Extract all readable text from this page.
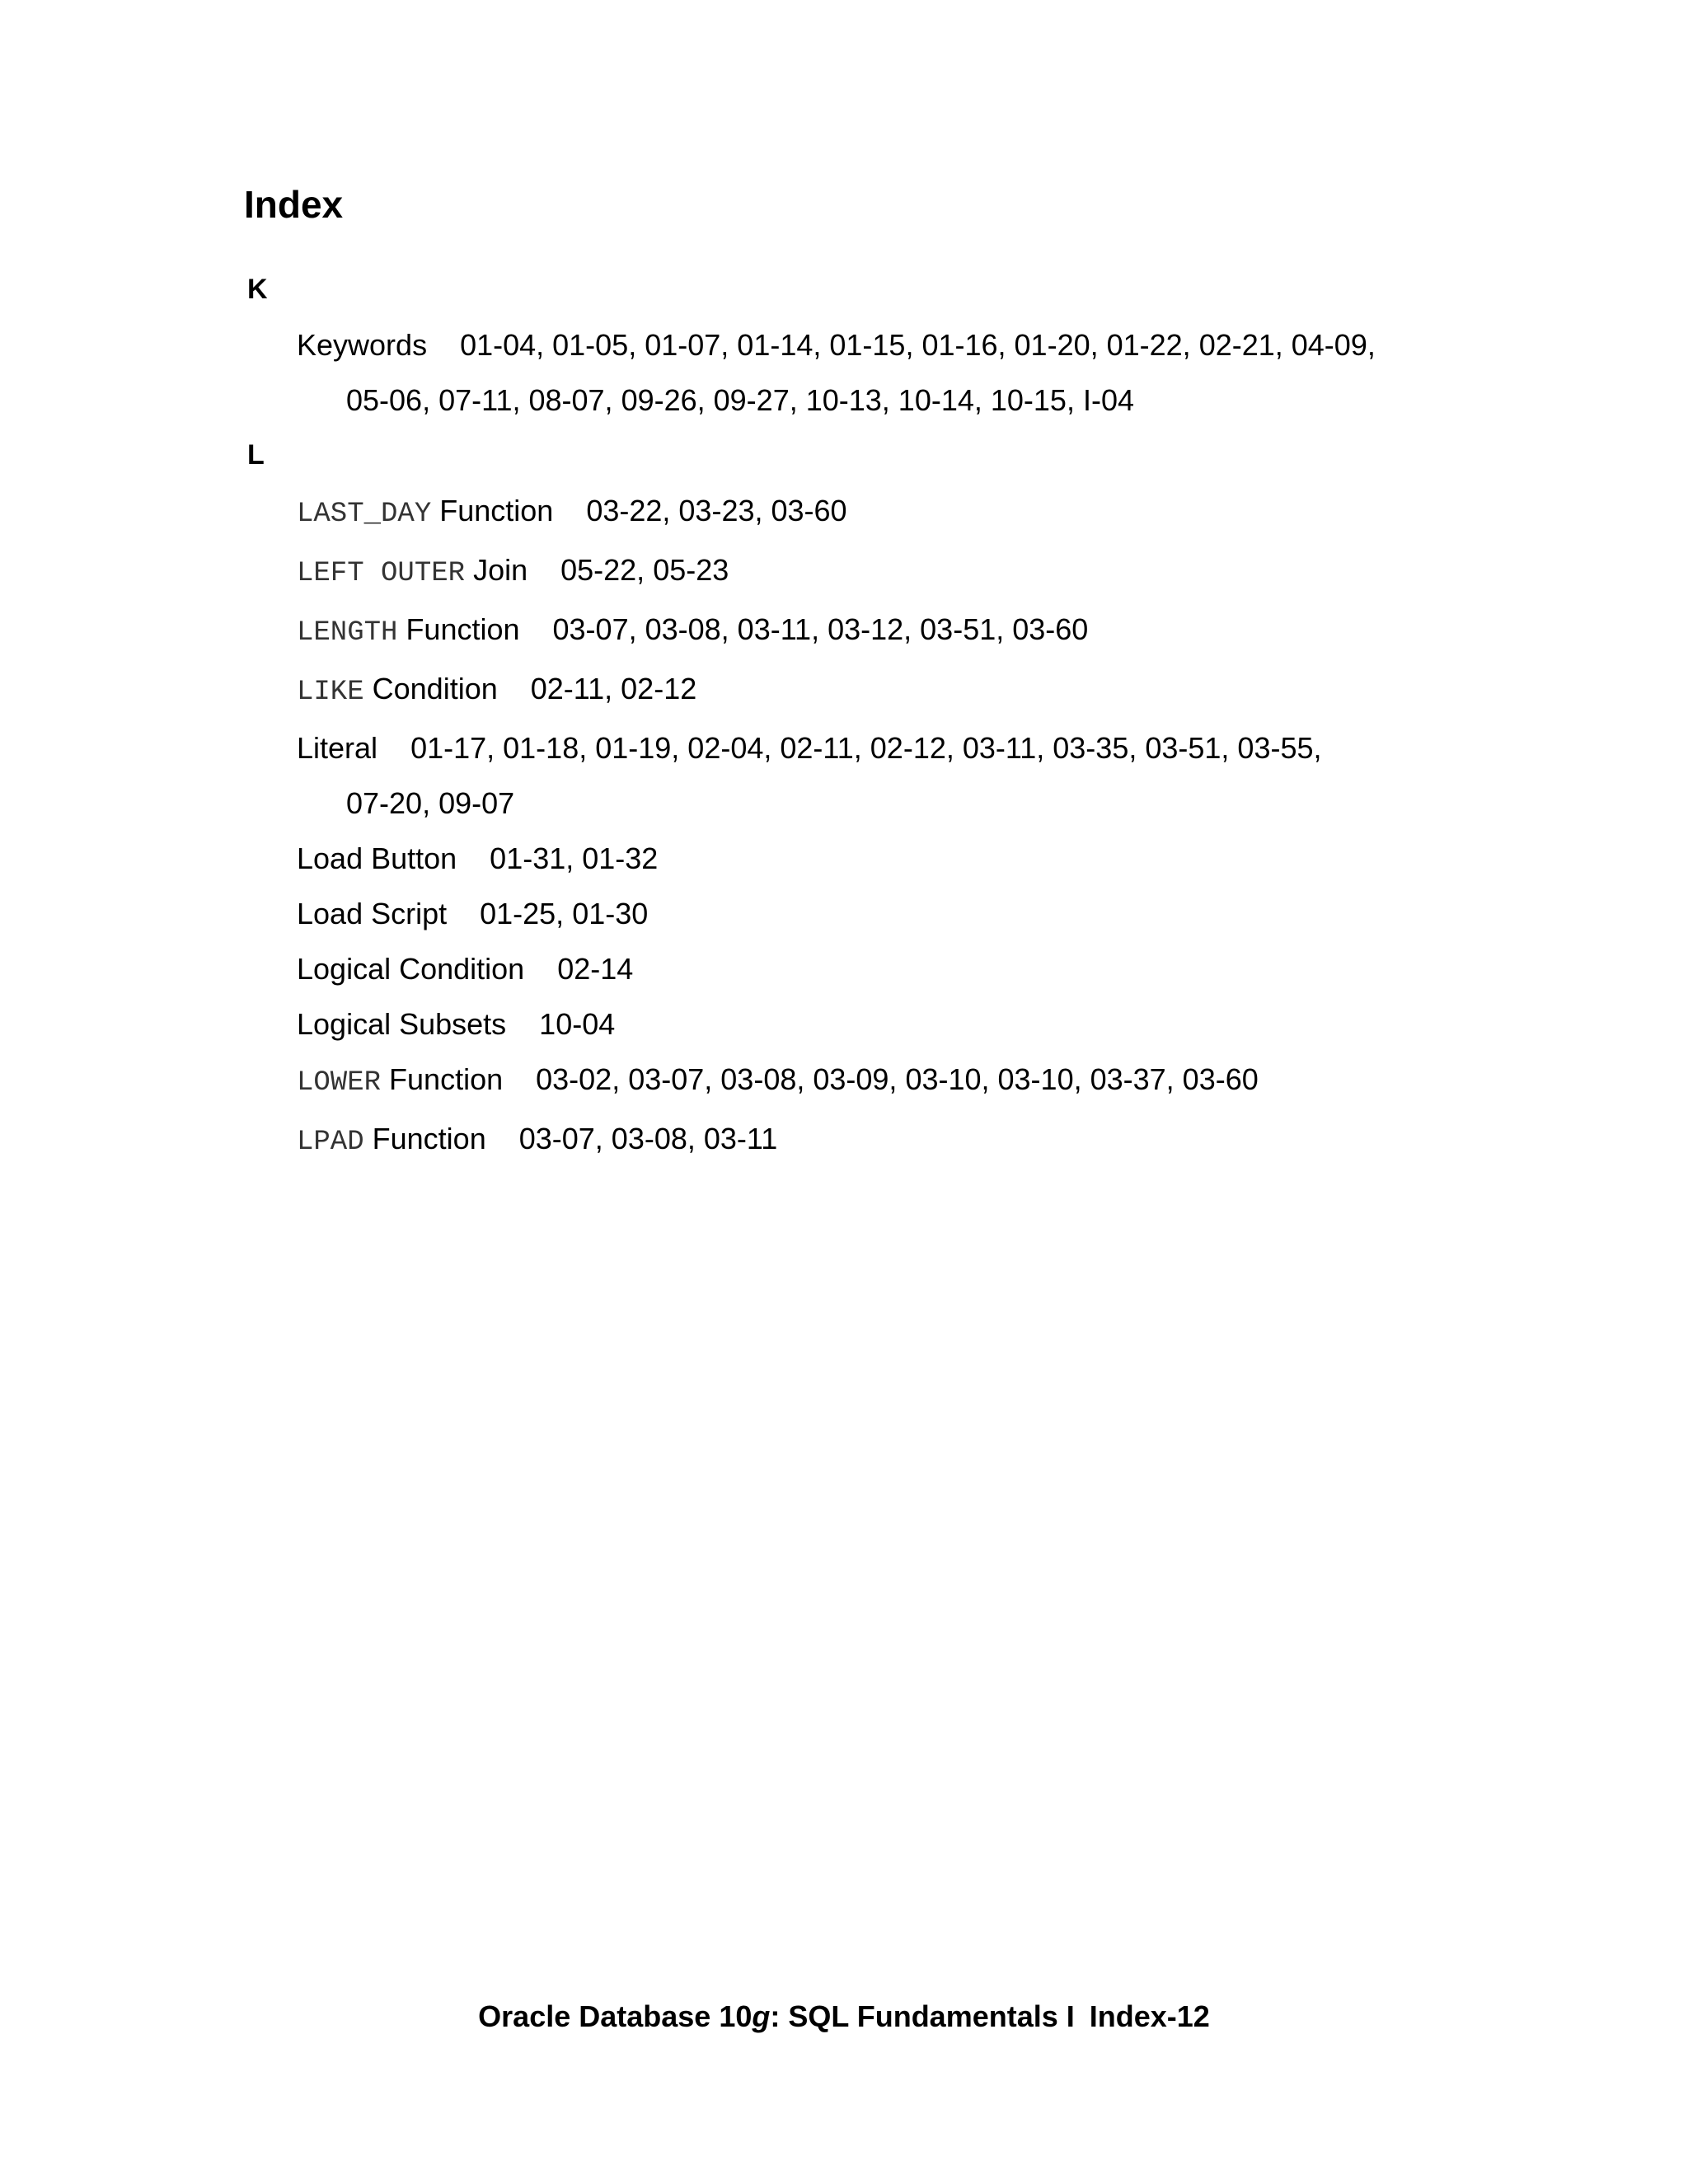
Index
K
Keywords 01-04, 01-05, 01-07, 01-14, 01-15, 01-16, 01-20, 01-22, 02-21, 04-09,
05-06, 07-11, 08-07, 09-26, 09-27, 10-13, 10-14, 10-15, I-04
L
LAST_DAY Function 03-22, 03-23, 03-60
LEFT OUTER Join 05-22, 05-23
LENGTH Function 03-07, 03-08, 03-11, 03-12, 03-51, 03-60
LIKE Condition 02-11, 02-12
Literal 01-17, 01-18, 01-19, 02-04, 02-11, 02-12, 03-11, 03-35, 03-51, 03-55,
07-20, 09-07
Load Button 01-31, 01-32
Load Script 01-25, 01-30
Logical Condition 02-14
Logical Subsets 10-04
LOWER Function 03-02, 03-07, 03-08, 03-09, 03-10, 03-10, 03-37, 03-60
LPAD Function 03-07, 03-08, 03-11
Oracle Database 10g: SQL Fundamentals I Index-12
